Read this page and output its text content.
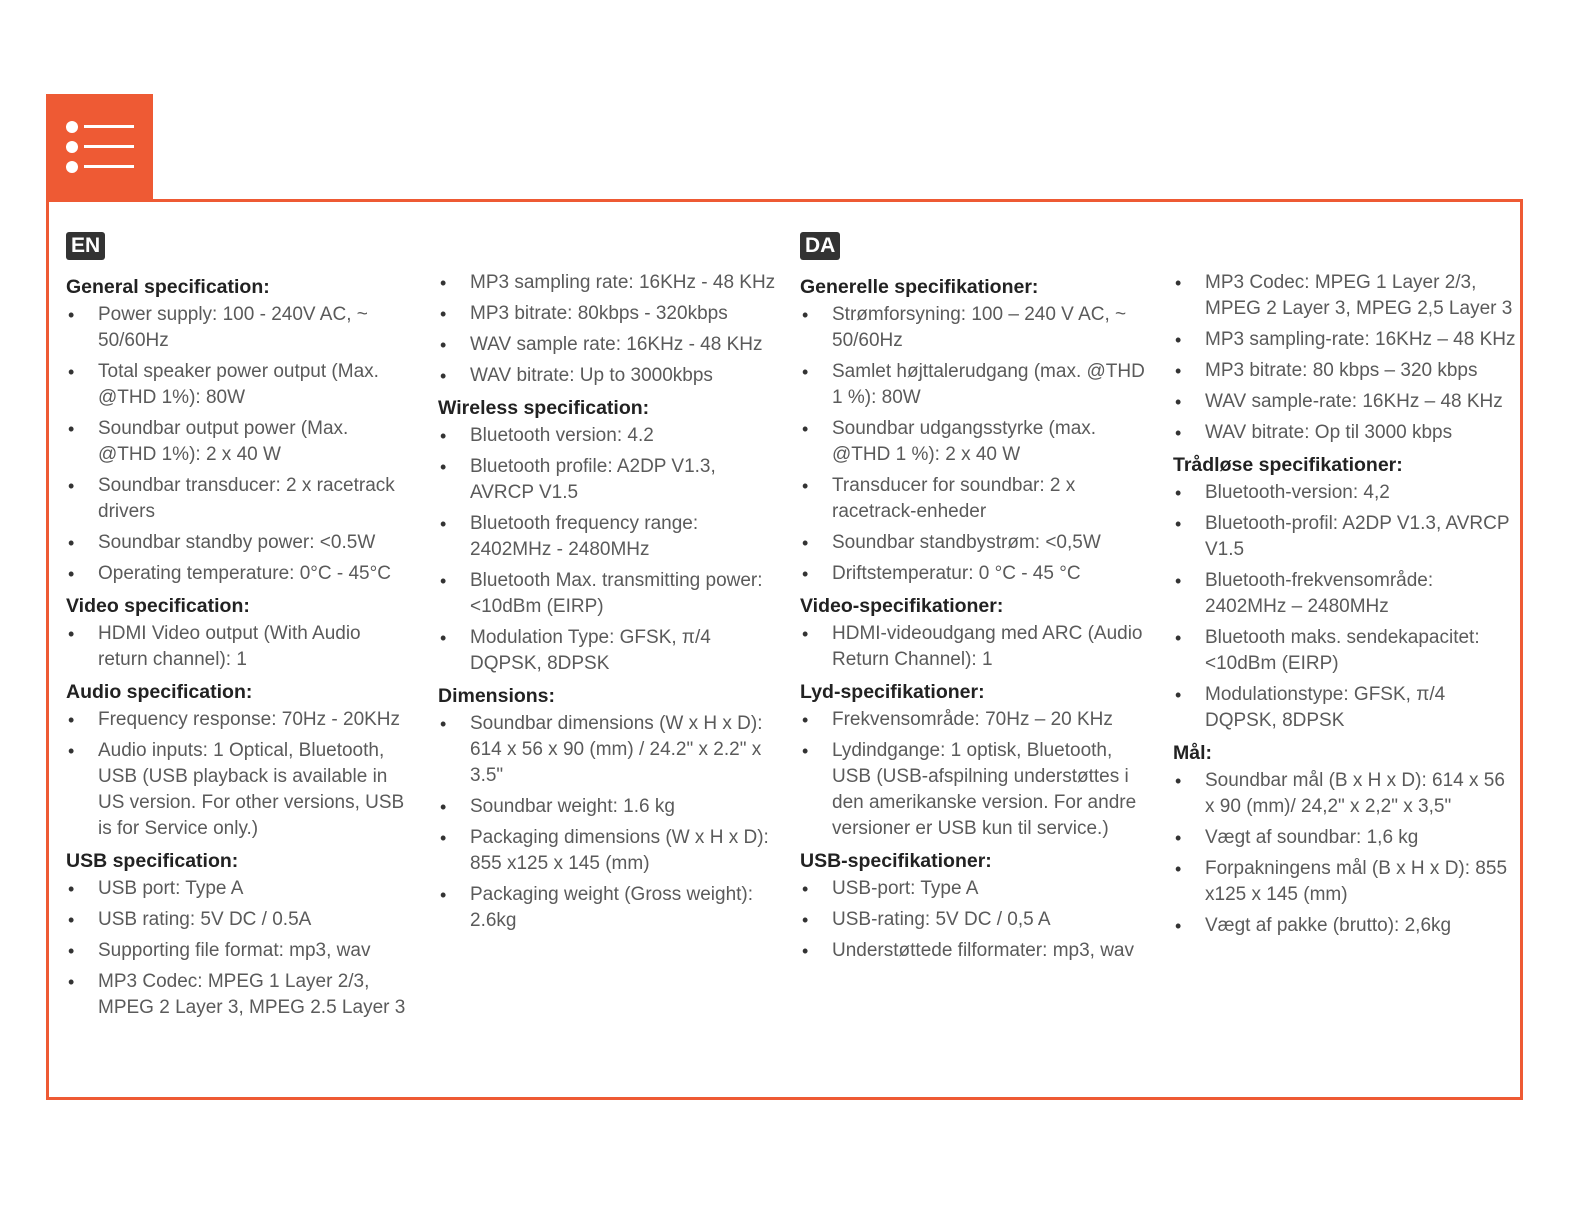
EN
General specification:
• Power supply: 100 - 240V AC, ~ 50/60Hz
• Total speaker power output (Max. @THD 1%): 80W
• Soundbar output power (Max. @THD 1%): 2 x 40 W
• Soundbar transducer: 2 x racetrack drivers
• Soundbar standby power: <0.5W
• Operating temperature: 0°C - 45°C
Video specification:
• HDMI Video output (With Audio return channel): 1
Audio specification:
• Frequency response: 70Hz - 20KHz
• Audio inputs: 1 Optical, Bluetooth, USB (USB playback is available in US version. For other versions, USB is for Service only.)
USB specification:
• USB port: Type A
• USB rating: 5V DC / 0.5A
• Supporting file format: mp3, wav
• MP3 Codec: MPEG 1 Layer 2/3, MPEG 2 Layer 3, MPEG 2.5 Layer 3
• MP3 sampling rate: 16KHz - 48 KHz
• MP3 bitrate: 80kbps - 320kbps
• WAV sample rate: 16KHz - 48 KHz
• WAV bitrate: Up to 3000kbps
Wireless specification:
• Bluetooth version: 4.2
• Bluetooth profile: A2DP V1.3, AVRCP V1.5
• Bluetooth frequency range: 2402MHz - 2480MHz
• Bluetooth Max. transmitting power: <10dBm (EIRP)
• Modulation Type: GFSK, π/4 DQPSK, 8DPSK
Dimensions:
• Soundbar dimensions (W x H x D): 614 x 56 x 90 (mm) / 24.2" x 2.2" x 3.5"
• Soundbar weight: 1.6 kg
• Packaging dimensions (W x H x D): 855 x125 x 145 (mm)
• Packaging weight (Gross weight): 2.6kg
DA
Generelle specifikationer:
• Strømforsyning: 100 – 240 V AC, ~ 50/60Hz
• Samlet højttalerudgang (max. @THD 1 %): 80W
• Soundbar udgangsstyrke (max. @THD 1 %): 2 x 40 W
• Transducer for soundbar: 2 x racetrack-enheder
• Soundbar standbystrøm: <0,5W
• Driftstemperatur: 0 °C - 45 °C
Video-specifikationer:
• HDMI-videoudgang med ARC (Audio Return Channel): 1
Lyd-specifikationer:
• Frekvensområde: 70Hz – 20 KHz
• Lydindgange: 1 optisk, Bluetooth, USB (USB-afspilning understøttes i den amerikanske version. For andre versioner er USB kun til service.)
USB-specifikationer:
• USB-port: Type A
• USB-rating: 5V DC / 0,5 A
• Understøttede filformater: mp3, wav
• MP3 Codec: MPEG 1 Layer 2/3, MPEG 2 Layer 3, MPEG 2,5 Layer 3
• MP3 sampling-rate: 16KHz – 48 KHz
• MP3 bitrate: 80 kbps – 320 kbps
• WAV sample-rate: 16KHz – 48 KHz
• WAV bitrate: Op til 3000 kbps
Trådløse specifikationer:
• Bluetooth-version: 4,2
• Bluetooth-profil: A2DP V1.3, AVRCP V1.5
• Bluetooth-frekvensområde: 2402MHz – 2480MHz
• Bluetooth maks. sendekapacitet: <10dBm (EIRP)
• Modulationstype: GFSK, π/4 DQPSK, 8DPSK
Mål:
• Soundbar mål (B x H x D): 614 x 56 x 90 (mm)/ 24,2" x 2,2" x 3,5"
• Vægt af soundbar: 1,6 kg
• Forpakningens mål (B x H x D): 855 x125 x 145 (mm)
• Vægt af pakke (brutto): 2,6kg
